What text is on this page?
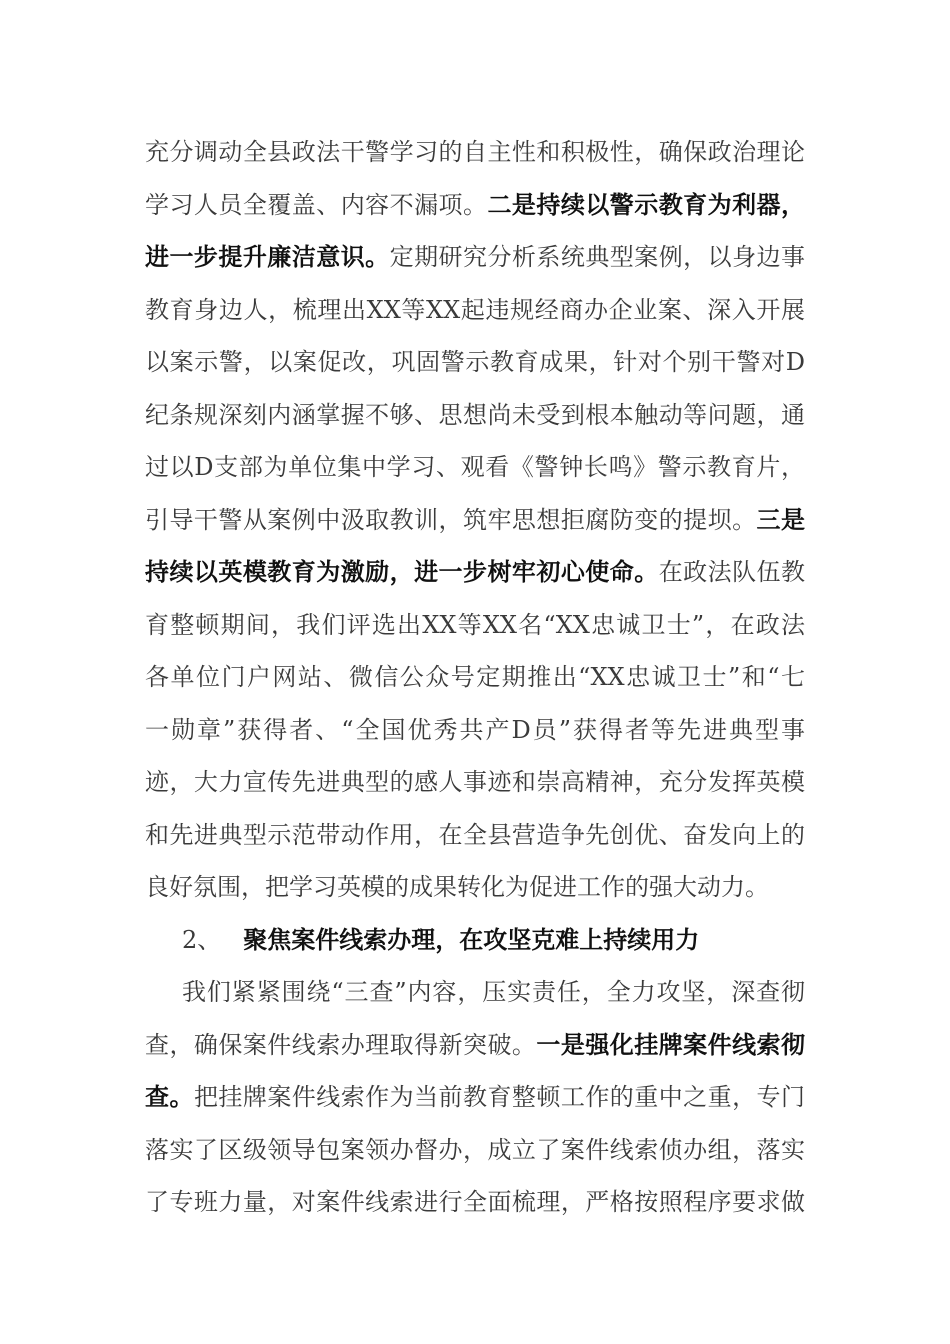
充分调动全县政法干警学习的自主性和积极性，确保政治理论
学习人员全覆盖、内容不漏项。二是持续以警示教育为利器，
进一步提升廉洁意识。定期研究分析系统典型案例，以身边事
教育身边人，梳理出XX等XX起违规经商办企业案、深入开展
以案示警，以案促改，巩固警示教育成果，针对个别干警对D
纪条规深刻内涵掌握不够、思想尚未受到根本触动等问题，通
过以D支部为单位集中学习、观看《警钟长鸣》警示教育片，
引导干警从案例中汲取教训，筑牢思想拒腐防变的提坝。三是
持续以英模教育为激励，进一步树牢初心使命。在政法队伍教
育整顿期间，我们评选出XX等XX名“XX忠诚卫士”，在政法
各单位门户网站、微信公众号定期推出“XX忠诚卫士”和“七
一勋章”获得者、“全国优秀共产D员”获得者等先进典型事
迹，大力宣传先进典型的感人事迹和崇高精神，充分发挥英模
和先进典型示范带动作用，在全县营造争先创优、奋发向上的
良好氛围，把学习英模的成果转化为促进工作的强大动力。
2、 聚焦案件线索办理，在攻坚克难上持续用力
我们紧紧围绕“三查”内容，压实责任，全力攻坚，深查彻
查，确保案件线索办理取得新突破。一是强化挂牌案件线索彻
查。把挂牌案件线索作为当前教育整顿工作的重中之重，专门
落实了区级领导包案领办督办，成立了案件线索侦办组，落实
了专班力量，对案件线索进行全面梳理，严格按照程序要求做
